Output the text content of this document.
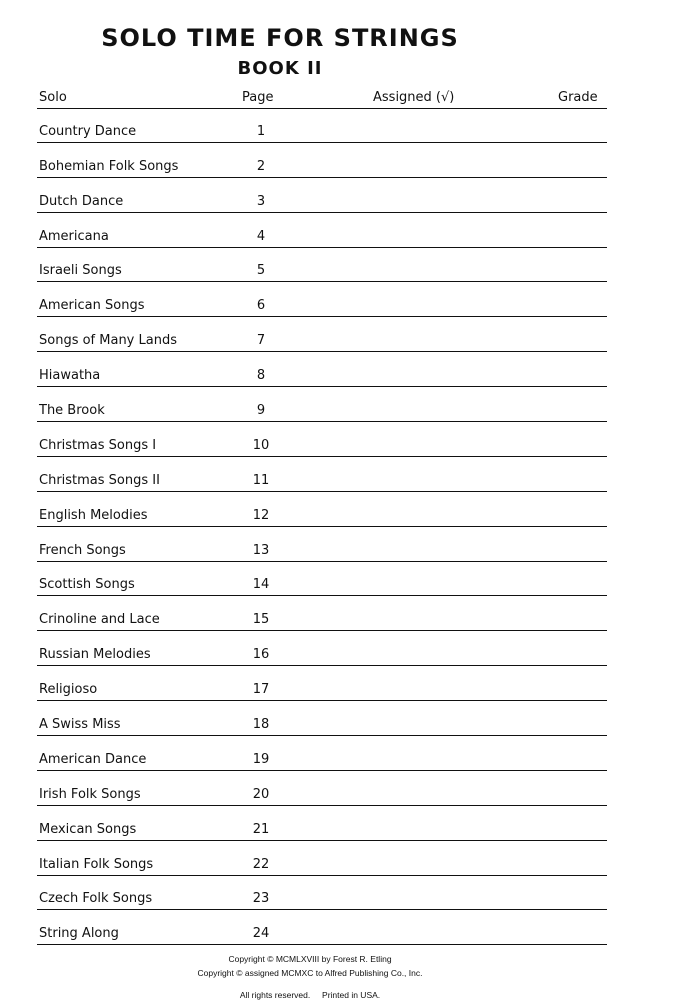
SOLO TIME FOR STRINGS
BOOK II
Solo	Page	Assigned (√)	Grade
Country Dance	1
Bohemian Folk Songs	2
Dutch Dance	3
Americana	4
Israeli Songs	5
American Songs	6
Songs of Many Lands	7
Hiawatha	8
The Brook	9
Christmas Songs I	10
Christmas Songs II	11
English Melodies	12
French Songs	13
Scottish Songs	14
Crinoline and Lace	15
Russian Melodies	16
Religioso	17
A Swiss Miss	18
American Dance	19
Irish Folk Songs	20
Mexican Songs	21
Italian Folk Songs	22
Czech Folk Songs	23
String Along	24
Copyright © MCMLXVIII by Forest R. Etling
Copyright © assigned MCMXC to Alfred Publishing Co., Inc.
All rights reserved.     Printed in USA.
